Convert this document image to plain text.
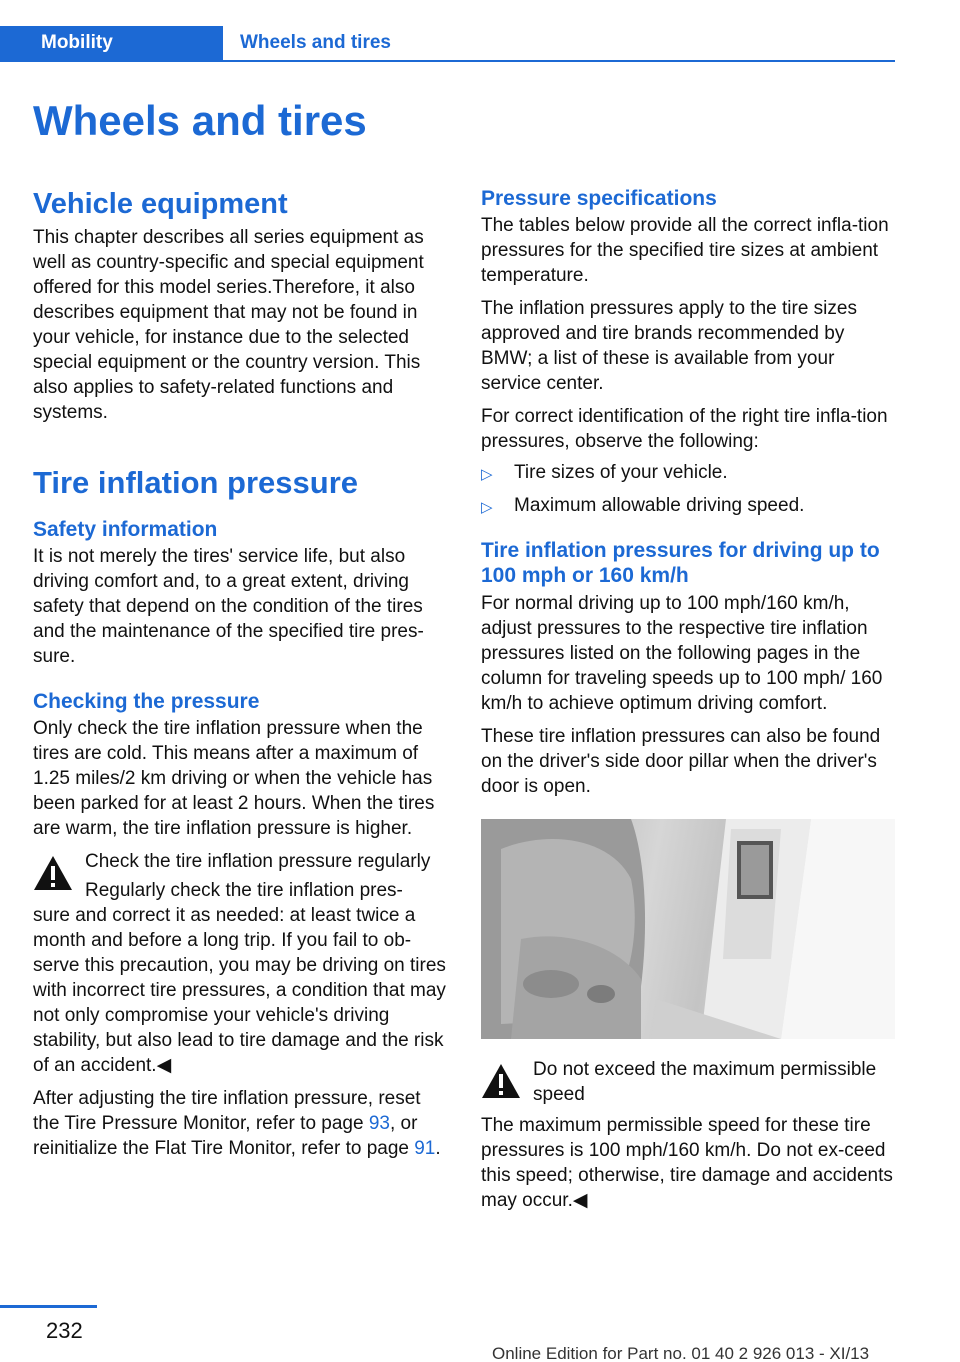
Mobility	Wheels and tires
Wheels and tires
Vehicle equipment
This chapter describes all series equipment as well as country-specific and special equipment offered for this model series.Therefore, it also describes equipment that may not be found in your vehicle, for instance due to the selected special equipment or the country version. This also applies to safety-related functions and systems.
Tire inflation pressure
Safety information
It is not merely the tires' service life, but also driving comfort and, to a great extent, driving safety that depend on the condition of the tires and the maintenance of the specified tire pres‐sure.
Checking the pressure
Only check the tire inflation pressure when the tires are cold. This means after a maximum of 1.25 miles/2 km driving or when the vehicle has been parked for at least 2 hours. When the tires are warm, the tire inflation pressure is higher.
Check the tire inflation pressure regularly
Regularly check the tire inflation pres‐
sure and correct it as needed: at least twice a month and before a long trip. If you fail to ob‐serve this precaution, you may be driving on tires with incorrect tire pressures, a condition that may not only compromise your vehicle's driving stability, but also lead to tire damage and the risk of an accident.◀
After adjusting the tire inflation pressure, reset the Tire Pressure Monitor, refer to page 93, or reinitialize the Flat Tire Monitor, refer to page 91.
Pressure specifications
The tables below provide all the correct infla‐tion pressures for the specified tire sizes at ambient temperature.
The inflation pressures apply to the tire sizes approved and tire brands recommended by BMW; a list of these is available from your service center.
For correct identification of the right tire infla‐tion pressures, observe the following:
▷ Tire sizes of your vehicle.
▷ Maximum allowable driving speed.
Tire inflation pressures for driving up to 100 mph or 160 km/h
For normal driving up to 100 mph/160 km/h, adjust pressures to the respective tire inflation pressures listed on the following pages in the column for traveling speeds up to 100 mph/ 160 km/h to achieve optimum driving comfort.
These tire inflation pressures can also be found on the driver's side door pillar when the driver's door is open.
Do not exceed the maximum permissible speed
The maximum permissible speed for these tire pressures is 100 mph/160 km/h. Do not ex‐ceed this speed; otherwise, tire damage and accidents may occur.◀
232
Online Edition for Part no. 01 40 2 926 013 - XI/13
